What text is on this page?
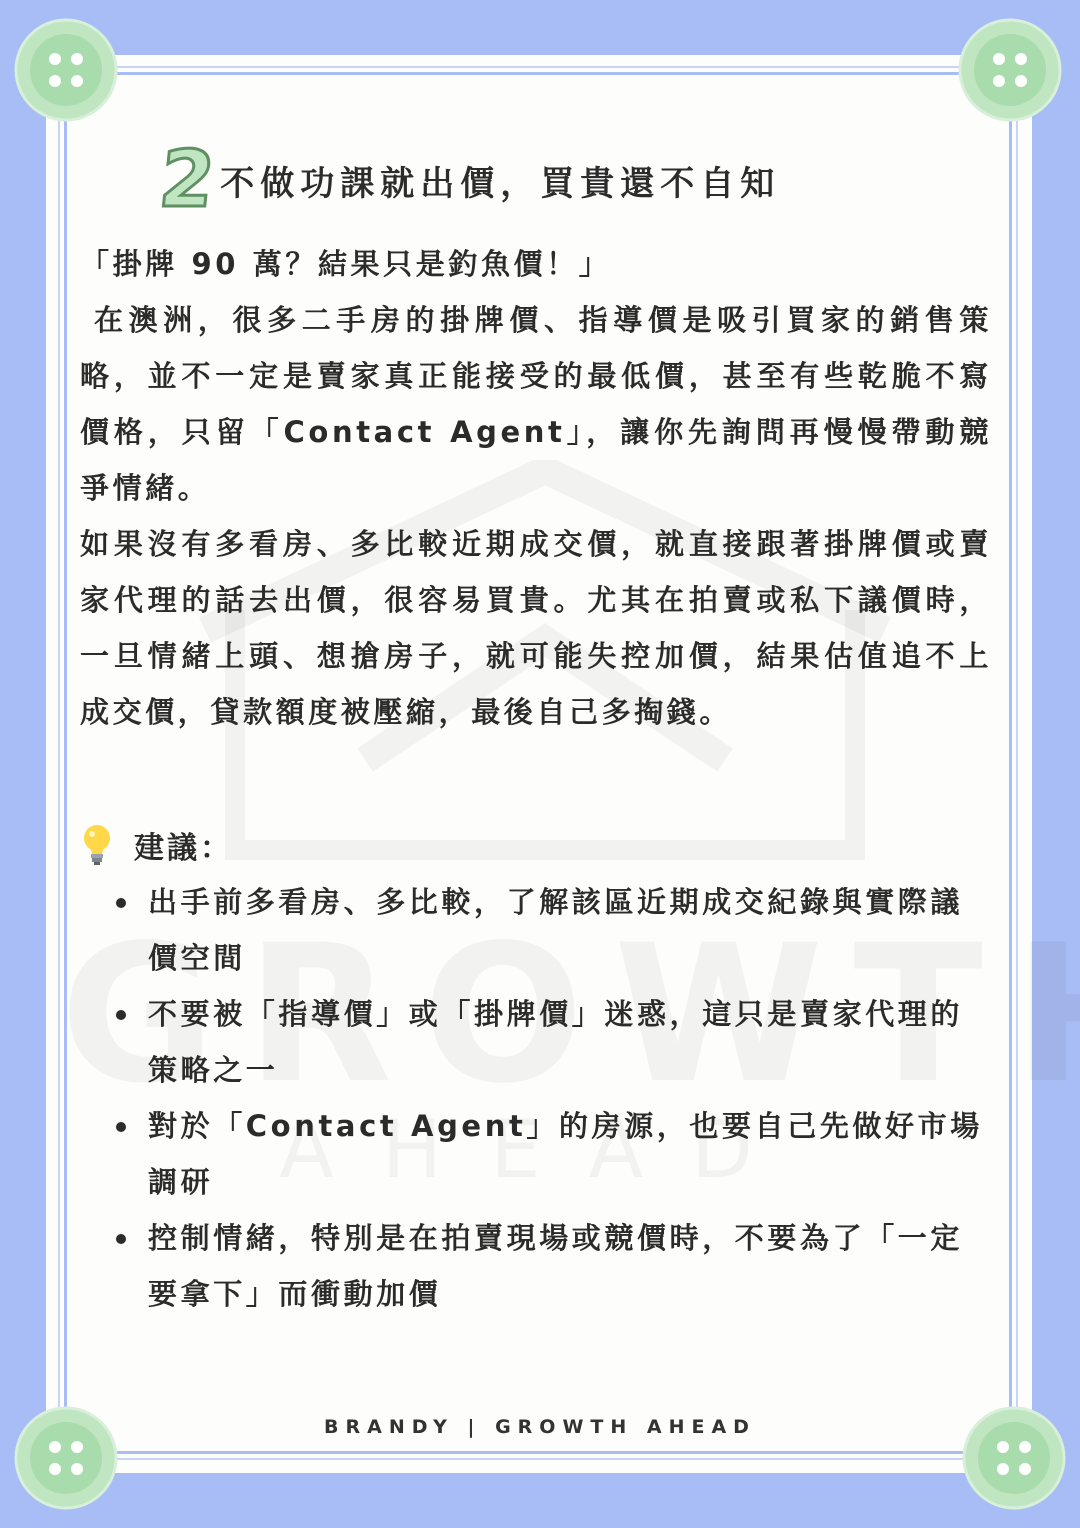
2 不做功課就出價，買貴還不自知

「掛牌 90 萬？結果只是釣魚價！」

在澳洲，很多二手房的掛牌價、指導價是吸引買家的銷售策略，並不一定是賣家真正能接受的最低價，甚至有些乾脆不寫價格，只留「Contact Agent」，讓你先詢問再慢慢帶動競爭情緒。

如果沒有多看房、多比較近期成交價，就直接跟著掛牌價或賣家代理的話去出價，很容易買貴。尤其在拍賣或私下議價時，一旦情緒上頭、想搶房子，就可能失控加價，結果估值追不上成交價，貸款額度被壓縮，最後自己多掏錢。

建議：
出手前多看房、多比較，了解該區近期成交紀錄與實際議價空間
不要被「指導價」或「掛牌價」迷惑，這只是賣家代理的策略之一
對於「Contact Agent」的房源，也要自己先做好市場調研
控制情緒，特別是在拍賣現場或競價時，不要為了「一定要拿下」而衝動加價
BRANDY | GROWTH AHEAD
